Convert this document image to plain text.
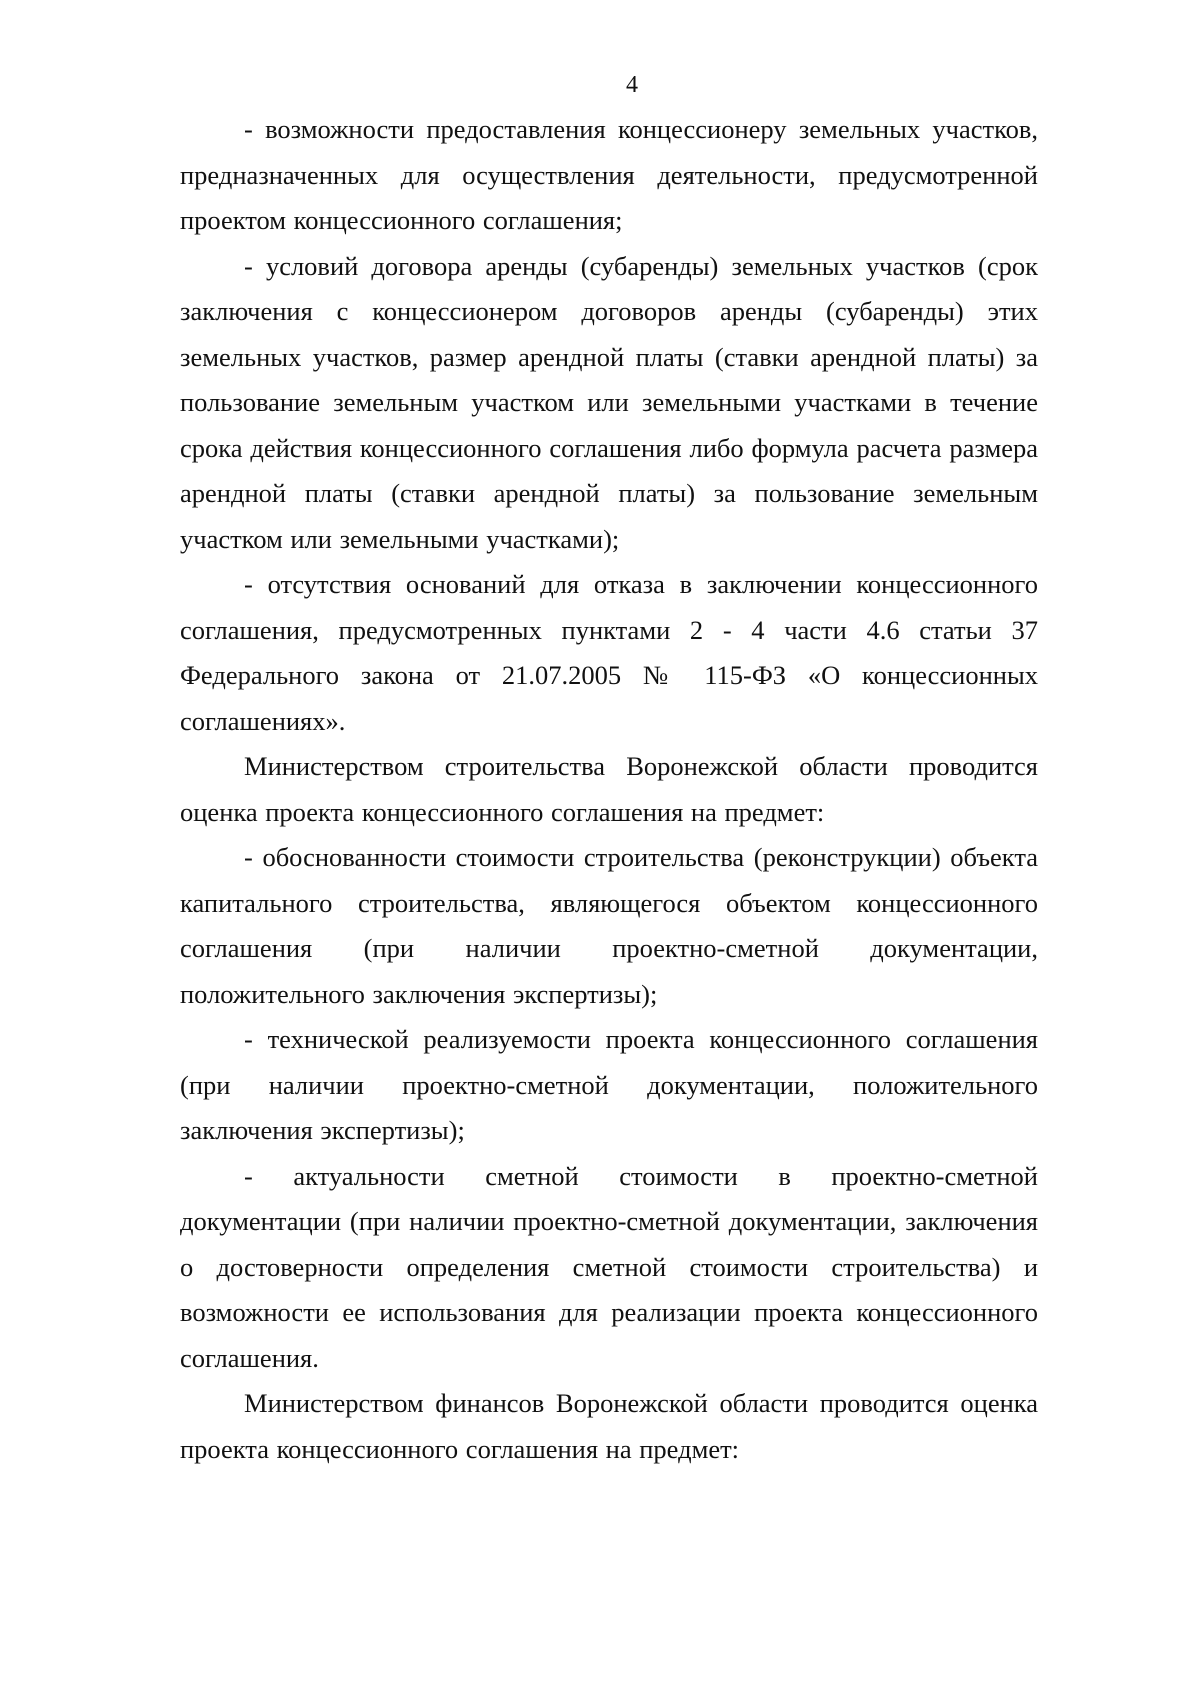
4

- возможности предоставления концессионеру земельных участков, предназначенных для осуществления деятельности, предусмотренной проектом концессионного соглашения;

- условий договора аренды (субаренды) земельных участков (срок заключения с концессионером договоров аренды (субаренды) этих земельных участков, размер арендной платы (ставки арендной платы) за пользование земельным участком или земельными участками в течение срока действия концессионного соглашения либо формула расчета размера арендной платы (ставки арендной платы) за пользование земельным участком или земельными участками);

- отсутствия оснований для отказа в заключении концессионного соглашения, предусмотренных пунктами 2 - 4 части 4.6 статьи 37 Федерального закона от 21.07.2005 № 115-ФЗ «О концессионных соглашениях».

Министерством строительства Воронежской области проводится оценка проекта концессионного соглашения на предмет:

- обоснованности стоимости строительства (реконструкции) объекта капитального строительства, являющегося объектом концессионного соглашения (при наличии проектно-сметной документации, положительного заключения экспертизы);

- технической реализуемости проекта концессионного соглашения (при наличии проектно-сметной документации, положительного заключения экспертизы);

- актуальности сметной стоимости в проектно-сметной документации (при наличии проектно-сметной документации, заключения о достоверности определения сметной стоимости строительства) и возможности ее использования для реализации проекта концессионного соглашения.

Министерством финансов Воронежской области проводится оценка проекта концессионного соглашения на предмет:
